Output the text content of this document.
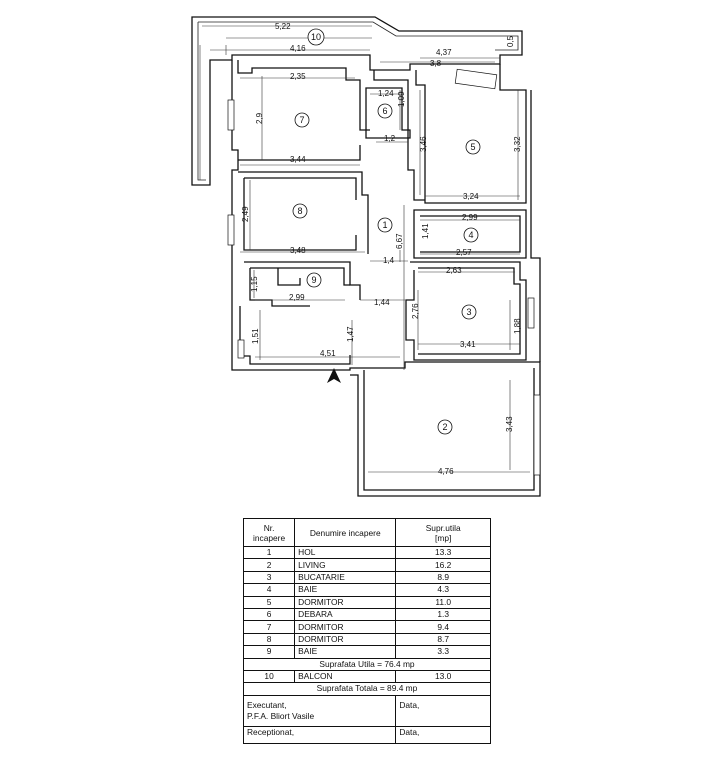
5,22
4,16	4,37
0,5
3,8
2,35
1,24 1,09
2,9
1,2	3,46	3,32
3,44
3,24
2,99
2,49
1,41
6,67
3,48
1,4
2,57
2,63
1,15
2,99
1,44
2,76
1,88
1,51	1,47
3,41
4,51
3,43
4,76
10
1
2
3
4
5
6
7
8
9
Nr.
incapere	Denumire incapere	Supr.utila
[mp]
1	HOL	13.3
2	LIVING	16.2
3	BUCATARIE	8.9
4	BAIE	4.3
5	DORMITOR	11.0
6	DEBARA	1.3
7	DORMITOR	9.4
8	DORMITOR	8.7
9	BAIE	3.3
Suprafata Utila = 76.4 mp		
10	BALCON	13.0
Suprafata Totala = 89.4 mp		

Executant,
P.F.A. Bliort Vasile		Data,

Receptionat,		Data,
